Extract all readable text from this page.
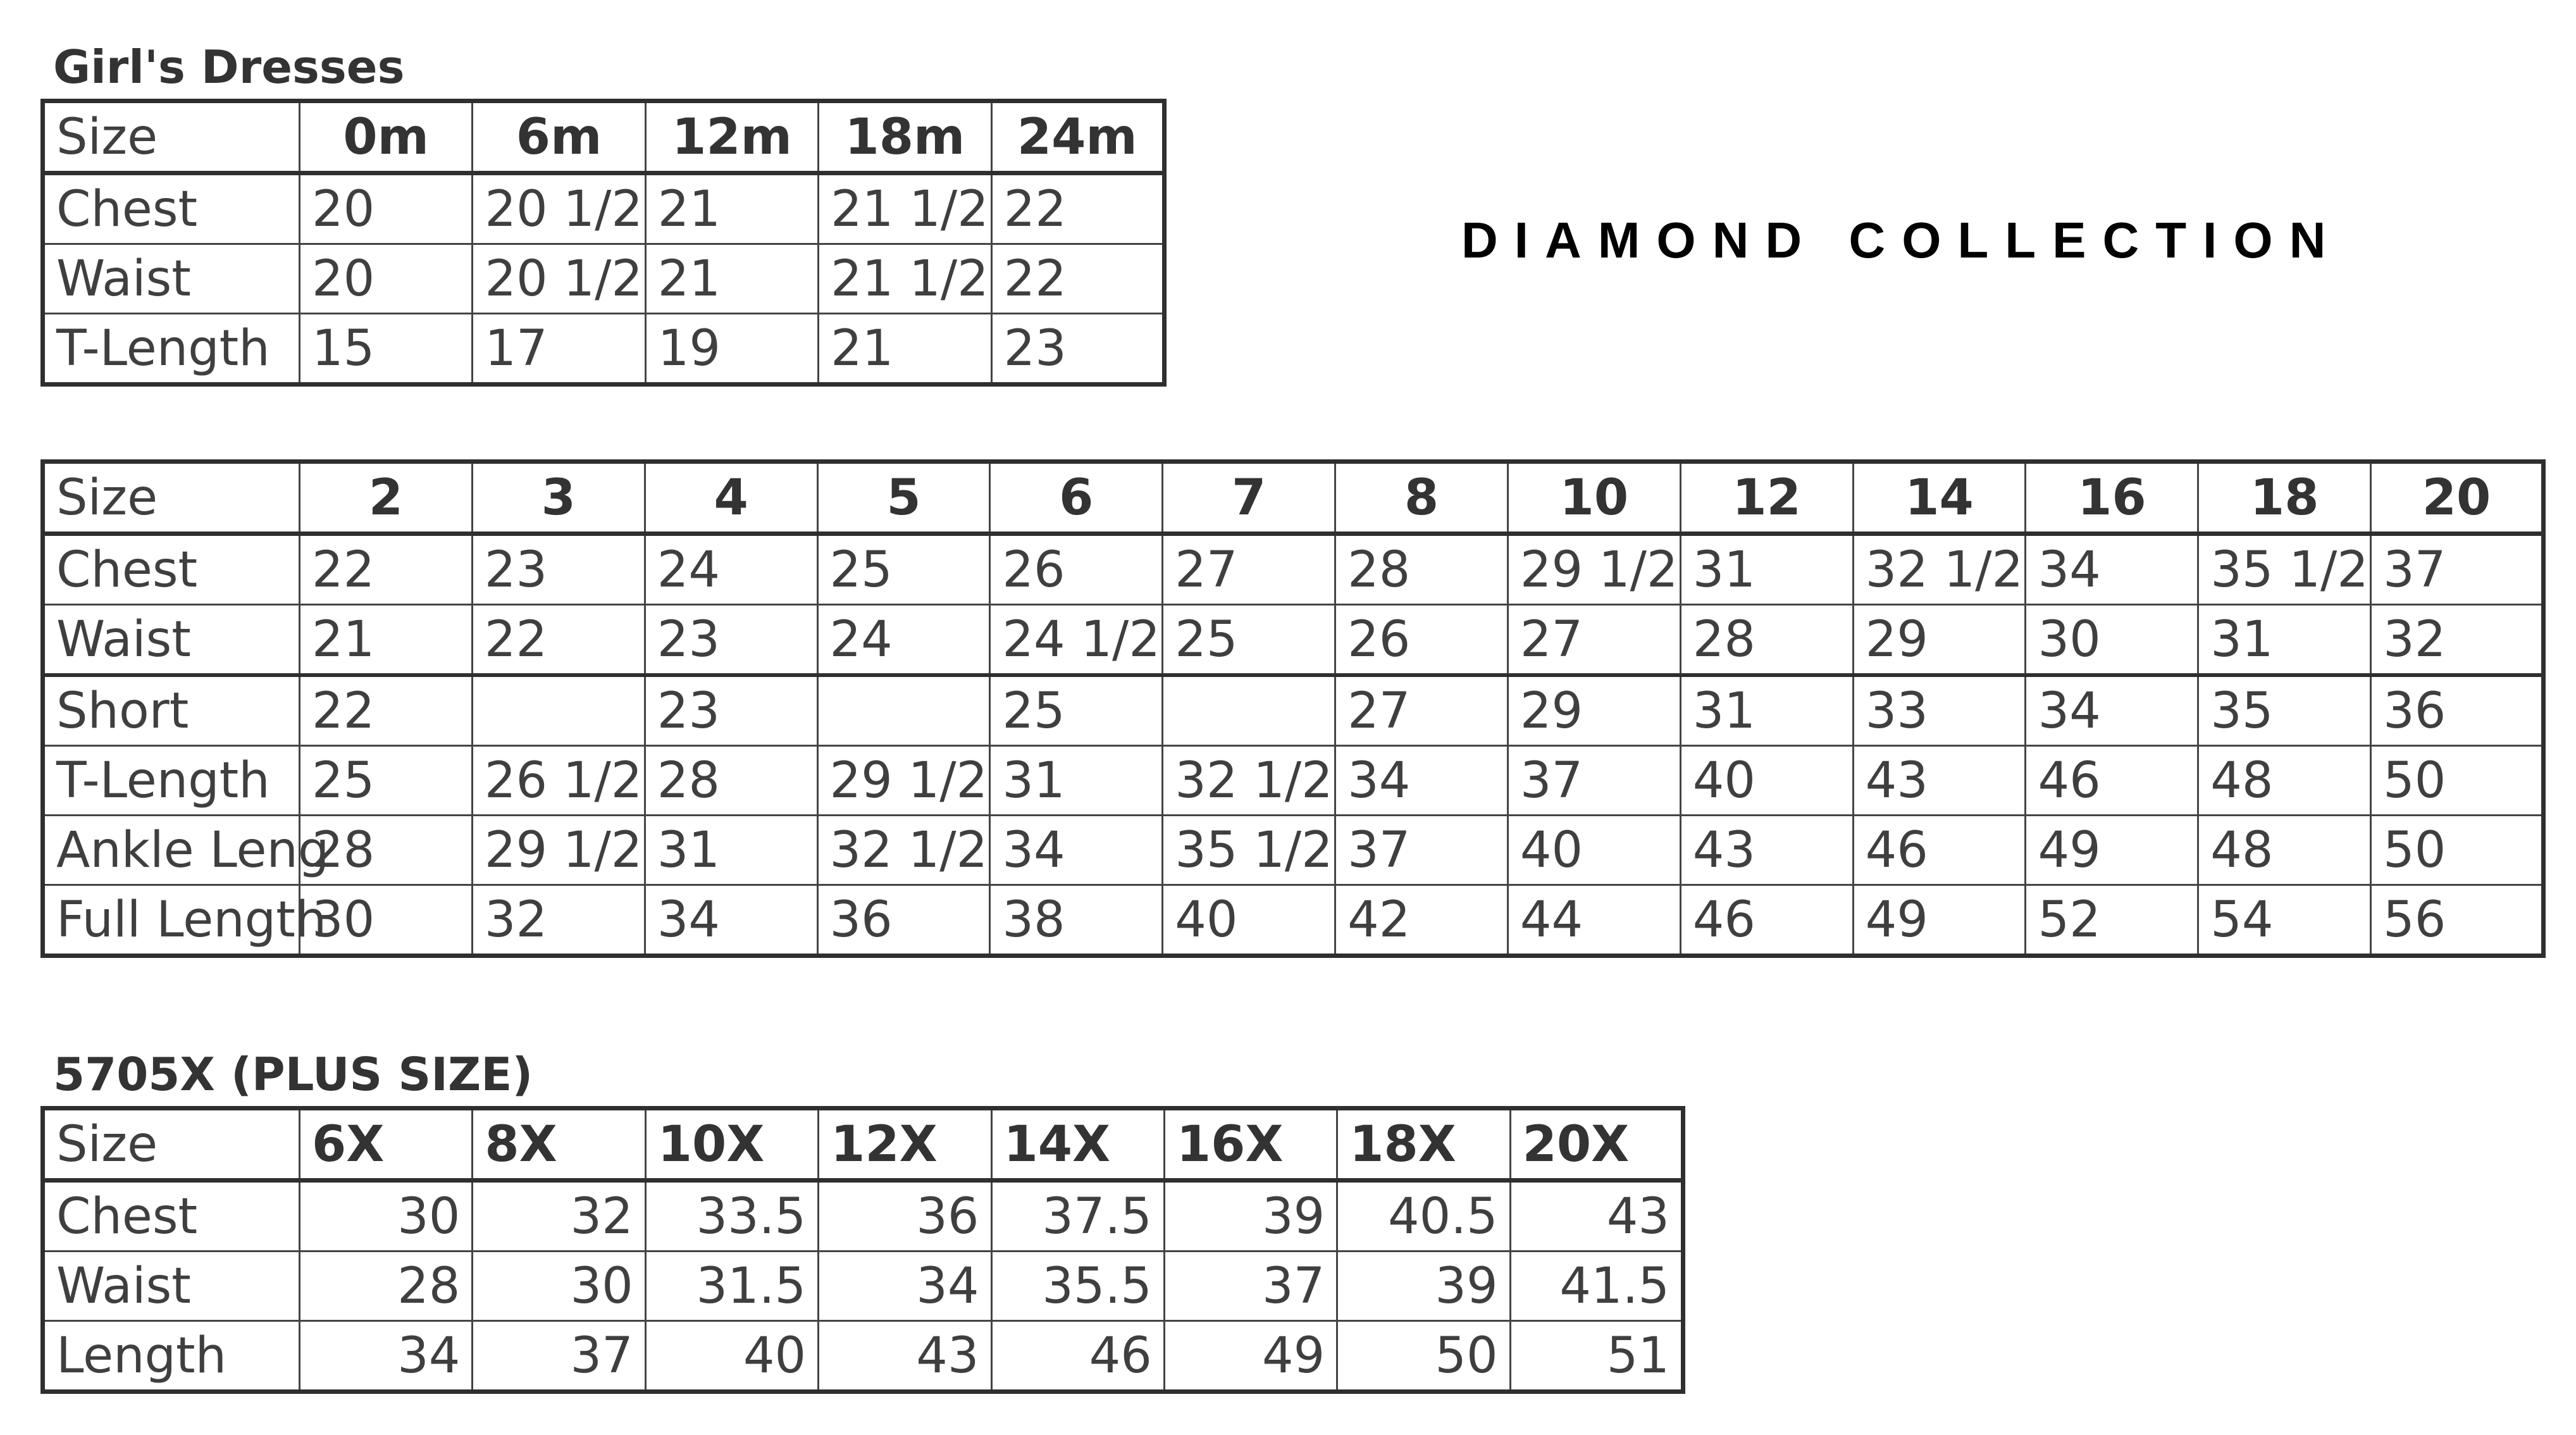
Girl's Dresses
DIAMOND COLLECTION
Size	0m	6m	12m	18m	24m
Chest	20	20 1/2	21	21 1/2	22
Waist	20	20 1/2	21	21 1/2	22
T-Length	15	17	19	21	23
Size	2	3	4	5	6	7	8	10	12	14	16	18	20
Chest	22	23	24	25	26	27	28	29 1/2	31	32 1/2	34	35 1/2	37
Waist	21	22	23	24	24 1/2	25	26	27	28	29	30	31	32
Short	22		23		25		27	29	31	33	34	35	36
T-Length	25	26 1/2	28	29 1/2	31	32 1/2	34	37	40	43	46	48	50
Ankle Leng	28	29 1/2	31	32 1/2	34	35 1/2	37	40	43	46	49	48	50
Full Length	30	32	34	36	38	40	42	44	46	49	52	54	56
5705X (PLUS SIZE)
Size	6X	8X	10X	12X	14X	16X	18X	20X
Chest	30	32	33.5	36	37.5	39	40.5	43
Waist	28	30	31.5	34	35.5	37	39	41.5
Length	34	37	40	43	46	49	50	51
